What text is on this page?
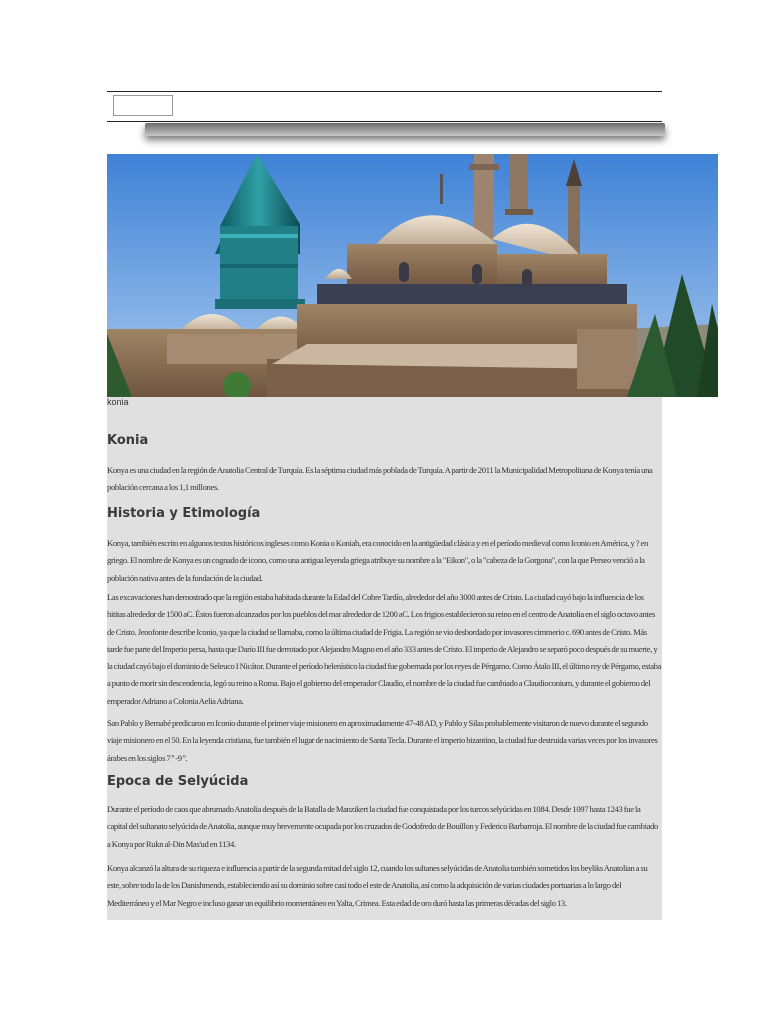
konia
Konia

Konya es una ciudad en la región de Anatolia Central de Turquía. Es la séptima ciudad más poblada de Turquía. A partir de 2011 la Municipalidad Metropolitana de Konya tenía una población cercana a los 1,1 millones.

Historia y Etimología

Konya, también escrito en algunos textos históricos ingleses como Konia o Koniah, era conocido en la antigüedad clásica y en el período medieval como Iconio en América, y ? en griego. El nombre de Konya es un cognado de icono, como una antigua leyenda griega atribuye su nombre a la "Eikon", o la "cabeza de la Gorgona", con la que Perseo venció a la población nativa antes de la fundación de la ciudad.

Las excavaciones han demostrado que la región estaba habitada durante la Edad del Cobre Tardío, alrededor del año 3000 antes de Cristo. La ciudad cayó bajo la influencia de los hititas alrededor de 1500 aC. Éstos fueron alcanzados por los pueblos del mar alrededor de 1200 aC. Los frigios establecieron su reino en el centro de Anatolia en el siglo octavo antes de Cristo. Jenofonte describe Iconio, ya que la ciudad se llamaba, como la última ciudad de Frigia. La región se vio desbordado por invasores cimmerio c. 690 antes de Cristo. Más tarde fue parte del Imperio persa, hasta que Darío III fue derrotado por Alejandro Magno en el año 333 antes de Cristo. El imperio de Alejandro se separó poco después de su muerte, y la ciudad cayó bajo el dominio de Seleuco I Nicátor. Durante el período helenístico la ciudad fue gobernada por los reyes de Pérgamo. Como Átalo III, el último rey de Pérgamo, estaba a punto de morir sin descendencia, legó su reino a Roma. Bajo el gobierno del emperador Claudio, el nombre de la ciudad fue cambiado a Claudioconium, y durante el gobierno del emperador Adriano a Colonia Aelia Adriana.

San Pablo y Bernabé predicaron en Iconio durante el primer viaje misionero en aproximadamente 47-48 AD, y Pablo y Silas probablemente visitaron de nuevo durante el segundo viaje misionero en el 50. En la leyenda cristiana, fue también el lugar de nacimiento de Santa Tecla. Durante el imperio bizantino, la ciudad fue destruida varias veces por los invasores árabes en los siglos 7 º -9 º.

Epoca de Selyúcida

Durante el período de caos que abrumado Anatolia después de la Batalla de Manzikert la ciudad fue conquistada por los turcos selyúcidas en 1084. Desde 1097 hasta 1243 fue la capital del sultanato selyúcida de Anatolia, aunque muy brevemente ocupada por los cruzados de Godofredo de Bouillon y Federico Barbarroja. El nombre de la ciudad fue cambiado a Konya por Rukn al-Din Mas'ud en 1134.

Konya alcanzó la altura de su riqueza e influencia a partir de la segunda mitad del siglo 12, cuando los sultanes selyúcidas de Anatolia también sometidos los beyliks Anatolian a su este, sobre todo la de los Danishmends, estableciendo así su dominio sobre casi todo el este de Anatolia, así como la adquisición de varias ciudades portuarias a lo largo del Mediterráneo y el Mar Negro e incluso ganar un equilibrio momentáneo en Yalta, Crimea. Esta edad de oro duró hasta las primeras décadas del siglo 13.
